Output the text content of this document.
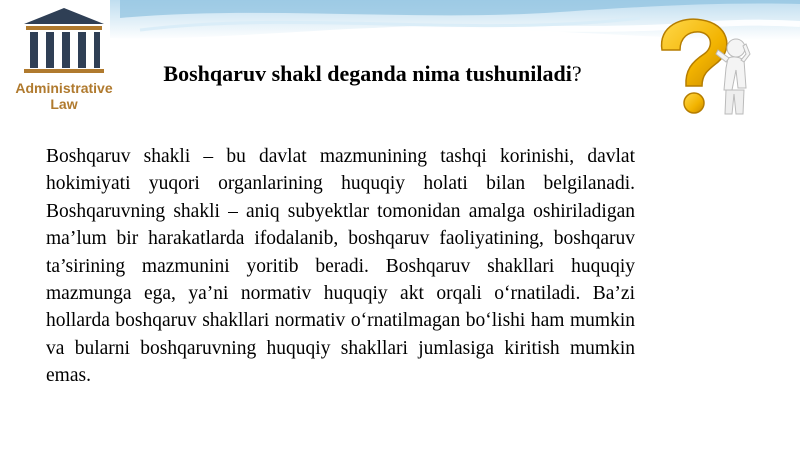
Administrative
Law
Boshqaruv shakl deganda nima tushuniladi?

Boshqaruv shakli – bu davlat mazmunining tashqi korinishi, davlat hokimiyati yuqori organlarining huquqiy holati bilan belgilanadi. Boshqaruvning shakli – aniq subyektlar tomonidan amalga oshiriladigan ma’lum bir harakatlarda ifodalanib, boshqaruv faoliyatining, boshqaruv ta’sirining mazmunini yoritib beradi. Boshqaruv shakllari huquqiy mazmunga ega, ya’ni normativ huquqiy akt orqali o‘rnatiladi. Ba’zi hollarda boshqaruv shakllari normativ o‘rnatilmagan bo‘lishi ham mumkin va bularni boshqaruvning huquqiy shakllari jumlasiga kiritish mumkin emas.
